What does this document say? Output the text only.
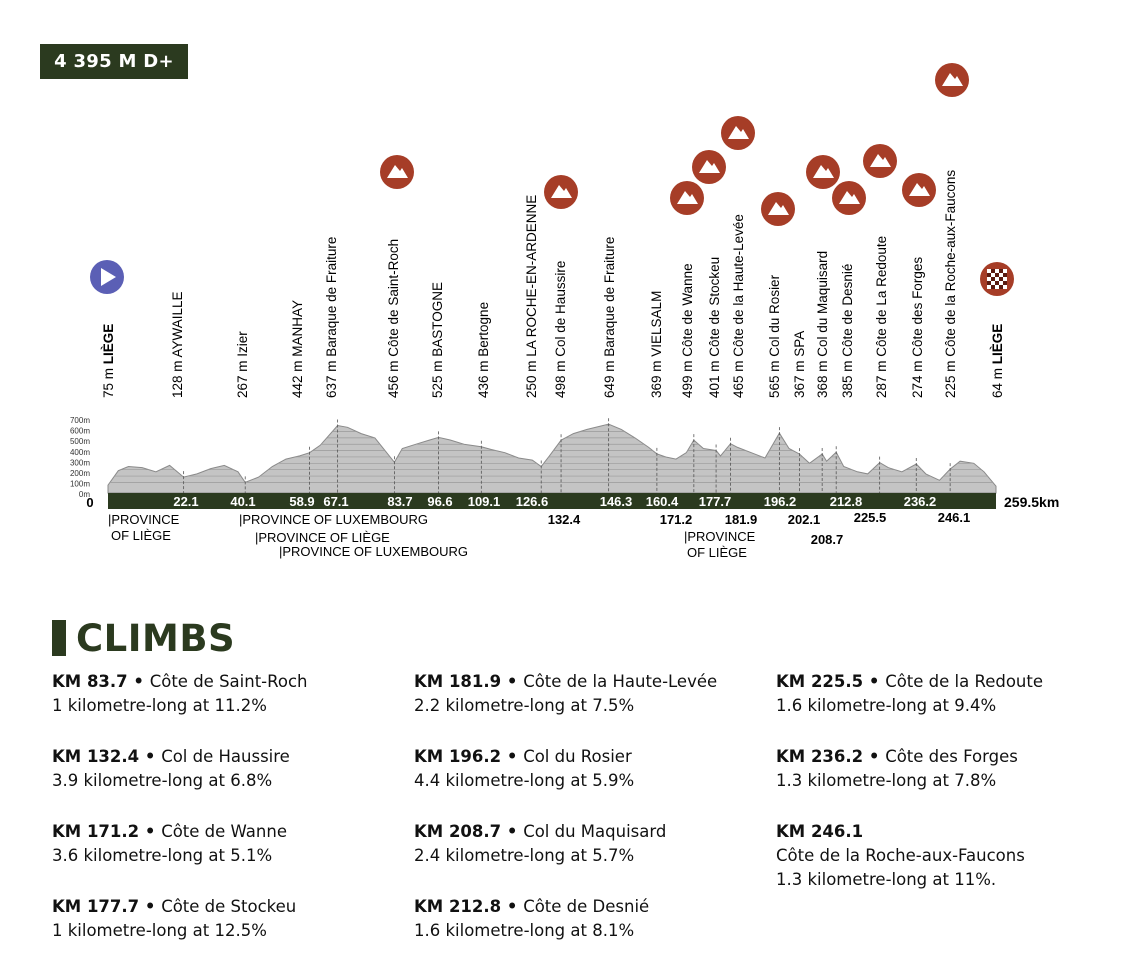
4 395 M D+
700m
600m
500m
400m
300m
200m
100m
0m
0	259.5km
22.1 40.1	58.9 67.1	83.7 96.6 109.1 126.6	146.3 160.4 177.7 196.2	212.8	236.2
132.4	171.2 181.9 202.1	225.5	246.1
208.7
|PROVINCE
OF LIÈGE
|PROVINCE OF LUXEMBOURG
|PROVINCE OF LIÈGE
|PROVINCE OF LUXEMBOURG
|PROVINCE
OF LIÈGE
75 m LIÈGE
128 m AYWAILLE
267 m Izier
442 m MANHAY
637 m Baraque de Fraiture
456 m Côte de Saint-Roch
525 m BASTOGNE
436 m Bertogne
250 m LA ROCHE-EN-ARDENNE
498 m Col de Haussire
649 m Baraque de Fraiture
369 m VIELSALM
499 m Côte de Wanne
401 m Côte de Stockeu
465 m Côte de la Haute-Levée
565 m Col du Rosier
367 m SPA
368 m Col du Maquisard
385 m Côte de Desnié
287 m Côte de La Redoute
274 m Côte des Forges
225 m Côte de la Roche-aux-Faucons
64 m LIÈGE
CLIMBS
KM 83.7 • Côte de Saint-Roch
1 kilometre-long at 11.2%
KM 132.4 • Col de Haussire
3.9 kilometre-long at 6.8%
KM 171.2 • Côte de Wanne
3.6 kilometre-long at 5.1%
KM 177.7 • Côte de Stockeu
1 kilometre-long at 12.5%
KM 181.9 • Côte de la Haute-Levée
2.2 kilometre-long at 7.5%
KM 196.2 • Col du Rosier
4.4 kilometre-long at 5.9%
KM 208.7 • Col du Maquisard
2.4 kilometre-long at 5.7%
KM 212.8 • Côte de Desnié
1.6 kilometre-long at 8.1%
KM 225.5 • Côte de la Redoute
1.6 kilometre-long at 9.4%
KM 236.2 • Côte des Forges
1.3 kilometre-long at 7.8%
KM 246.1
Côte de la Roche-aux-Faucons
1.3 kilometre-long at 11%.
